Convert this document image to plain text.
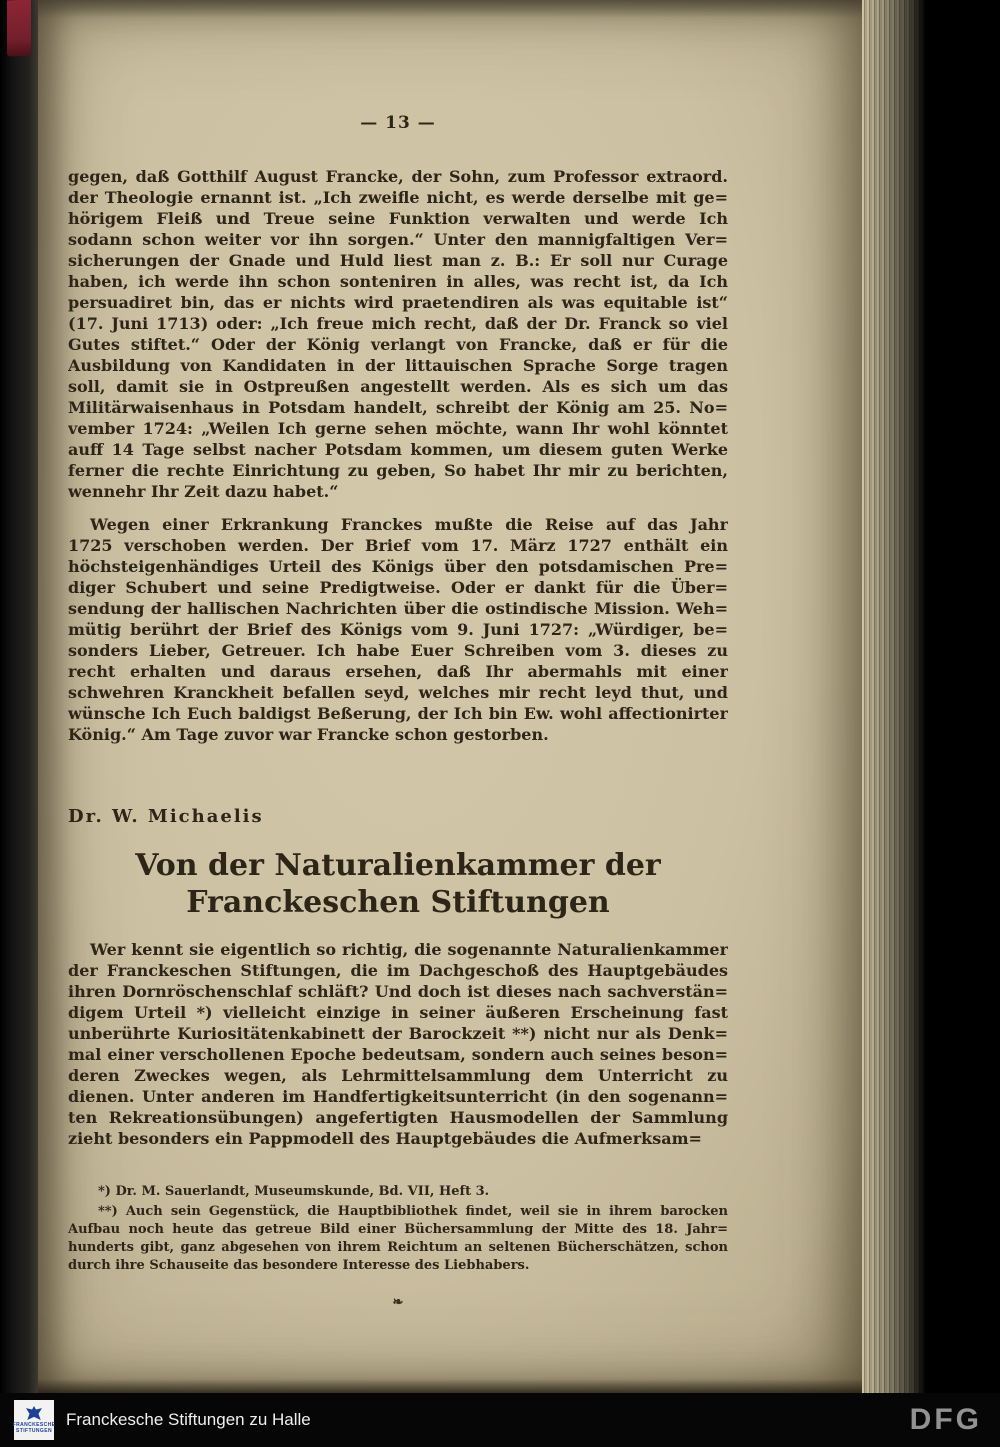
— 13 —
gegen, daß Gotthilf August Francke, der Sohn, zum Professor extraord.
der Theologie ernannt ist. „Ich zweifle nicht, es werde derselbe mit ge=
hörigem Fleiß und Treue seine Funktion verwalten und werde Ich
sodann schon weiter vor ihn sorgen.“ Unter den mannigfaltigen Ver=
sicherungen der Gnade und Huld liest man z. B.: Er soll nur Curage
haben, ich werde ihn schon sonteniren in alles, was recht ist, da Ich
persuadiret bin, das er nichts wird praetendiren als was equitable ist“
(17. Juni 1713) oder: „Ich freue mich recht, daß der Dr. Franck so viel
Gutes stiftet.“ Oder der König verlangt von Francke, daß er für die
Ausbildung von Kandidaten in der littauischen Sprache Sorge tragen
soll, damit sie in Ostpreußen angestellt werden. Als es sich um das
Militärwaisenhaus in Potsdam handelt, schreibt der König am 25. No=
vember 1724: „Weilen Ich gerne sehen möchte, wann Ihr wohl könntet
auff 14 Tage selbst nacher Potsdam kommen, um diesem guten Werke
ferner die rechte Einrichtung zu geben, So habet Ihr mir zu berichten,
wennehr Ihr Zeit dazu habet.“
Wegen einer Erkrankung Franckes mußte die Reise auf das Jahr
1725 verschoben werden. Der Brief vom 17. März 1727 enthält ein
höchsteigenhändiges Urteil des Königs über den potsdamischen Pre=
diger Schubert und seine Predigtweise. Oder er dankt für die Über=
sendung der hallischen Nachrichten über die ostindische Mission. Weh=
mütig berührt der Brief des Königs vom 9. Juni 1727: „Würdiger, be=
sonders Lieber, Getreuer. Ich habe Euer Schreiben vom 3. dieses zu
recht erhalten und daraus ersehen, daß Ihr abermahls mit einer
schwehren Kranckheit befallen seyd, welches mir recht leyd thut, und
wünsche Ich Euch baldigst Beßerung, der Ich bin Ew. wohl affectionirter
König.“ Am Tage zuvor war Francke schon gestorben.
Dr. W. Michaelis
Von der Naturalienkammer der
Franckeschen Stiftungen
Wer kennt sie eigentlich so richtig, die sogenannte Naturalienkammer
der Franckeschen Stiftungen, die im Dachgeschoß des Hauptgebäudes
ihren Dornröschenschlaf schläft? Und doch ist dieses nach sachverstän=
digem Urteil *) vielleicht einzige in seiner äußeren Erscheinung fast
unberührte Kuriositätenkabinett der Barockzeit **) nicht nur als Denk=
mal einer verschollenen Epoche bedeutsam, sondern auch seines beson=
deren Zweckes wegen, als Lehrmittelsammlung dem Unterricht zu
dienen. Unter anderen im Handfertigkeitsunterricht (in den sogenann=
ten Rekreationsübungen) angefertigten Hausmodellen der Sammlung
zieht besonders ein Pappmodell des Hauptgebäudes die Aufmerksam=
*) Dr. M. Sauerlandt, Museumskunde, Bd. VII, Heft 3.
**) Auch sein Gegenstück, die Hauptbibliothek findet, weil sie in ihrem barocken
Aufbau noch heute das getreue Bild einer Büchersammlung der Mitte des 18. Jahr=
hunderts gibt, ganz abgesehen von ihrem Reichtum an seltenen Bücherschätzen, schon
durch ihre Schauseite das besondere Interesse des Liebhabers.
❧
FRANCKESCHE
STIFTUNGEN
Franckesche Stiftungen zu Halle	DFG
